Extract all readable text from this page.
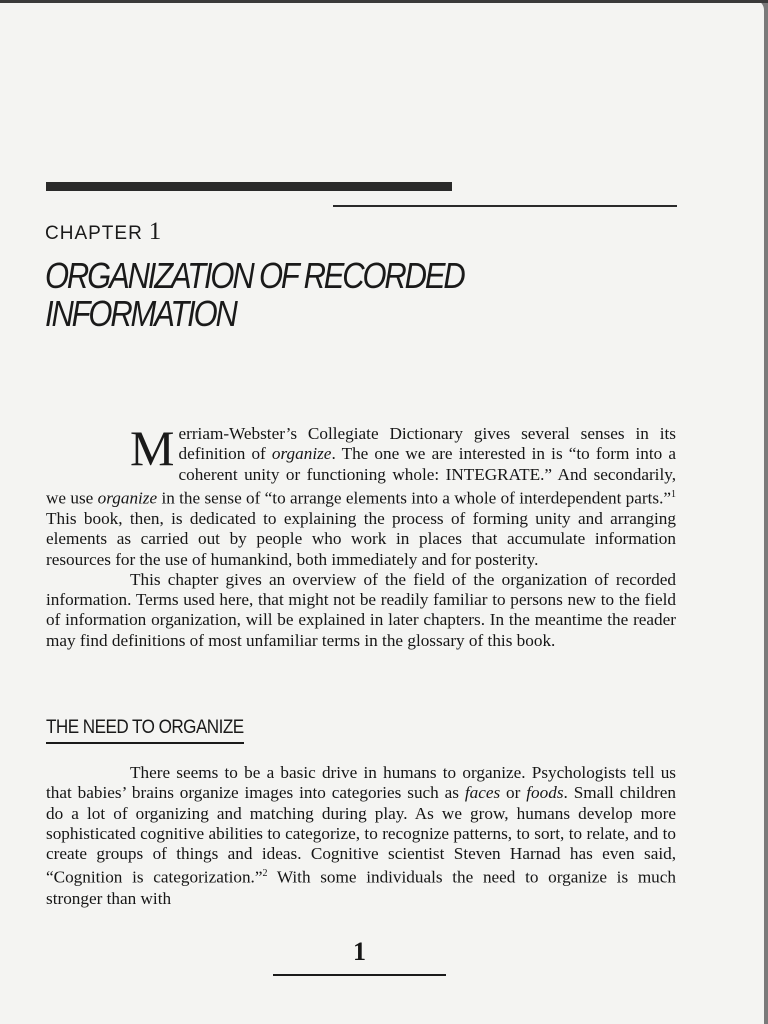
CHAPTER 1
ORGANIZATION OF RECORDED
INFORMATION

Merriam-Webster’s Collegiate Dictionary gives several senses in its definition of organize. The one we are interested in is “to form into a coherent unity or functioning whole: INTEGRATE.” And secondarily, we use organize in the sense of “to arrange elements into a whole of interdependent parts.”$^1$ This book, then, is dedicated to explaining the process of forming unity and arranging elements as carried out by people who work in places that accumulate information resources for the use of humankind, both immediately and for posterity.

This chapter gives an overview of the field of the organization of recorded information. Terms used here, that might not be readily familiar to persons new to the field of information organization, will be explained in later chapters. In the meantime the reader may find definitions of most unfamiliar terms in the glossary of this book.

THE NEED TO ORGANIZE

There seems to be a basic drive in humans to organize. Psychologists tell us that babies’ brains organize images into categories such as faces or foods. Small children do a lot of organizing and matching during play. As we grow, humans develop more sophisticated cognitive abilities to categorize, to recognize patterns, to sort, to relate, and to create groups of things and ideas. Cognitive scientist Steven Harnad has even said, “Cognition is categorization.”$^2$ With some individuals the need to organize is much stronger than with

1
